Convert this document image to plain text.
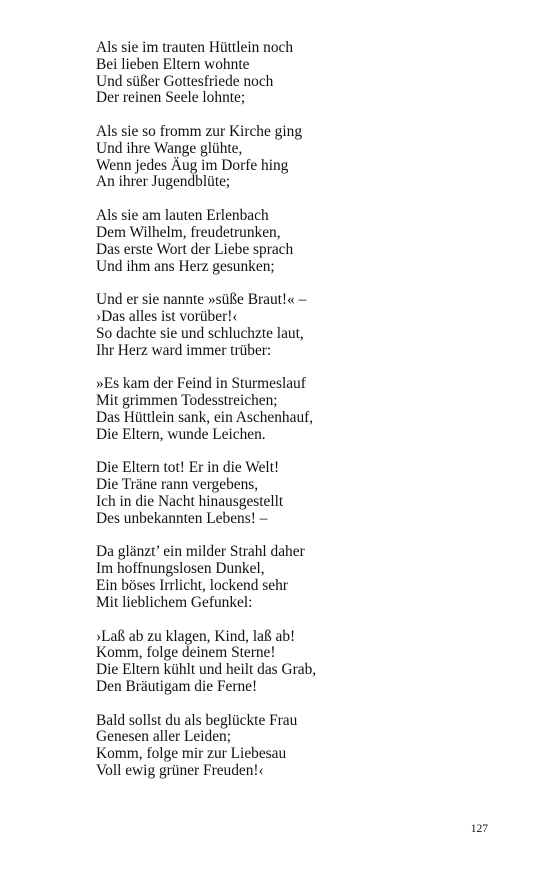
Als sie im trauten Hüttlein noch
Bei lieben Eltern wohnte
Und süßer Gottesfriede noch
Der reinen Seele lohnte;
Als sie so fromm zur Kirche ging
Und ihre Wange glühte,
Wenn jedes Äug im Dorfe hing
An ihrer Jugendblüte;
Als sie am lauten Erlenbach
Dem Wilhelm, freudetrunken,
Das erste Wort der Liebe sprach
Und ihm ans Herz gesunken;
Und er sie nannte »süße Braut!« –
›Das alles ist vorüber!‹
So dachte sie und schluchzte laut,
Ihr Herz ward immer trüber:
»Es kam der Feind in Sturmeslauf
Mit grimmen Todesstreichen;
Das Hüttlein sank, ein Aschenhauf,
Die Eltern, wunde Leichen.
Die Eltern tot! Er in die Welt!
Die Träne rann vergebens,
Ich in die Nacht hinausgestellt
Des unbekannten Lebens! –
Da glänzt’ ein milder Strahl daher
Im hoffnungslosen Dunkel,
Ein böses Irrlicht, lockend sehr
Mit lieblichem Gefunkel:
›Laß ab zu klagen, Kind, laß ab!
Komm, folge deinem Sterne!
Die Eltern kühlt und heilt das Grab,
Den Bräutigam die Ferne!
Bald sollst du als beglückte Frau
Genesen aller Leiden;
Komm, folge mir zur Liebesau
Voll ewig grüner Freuden!‹
127
